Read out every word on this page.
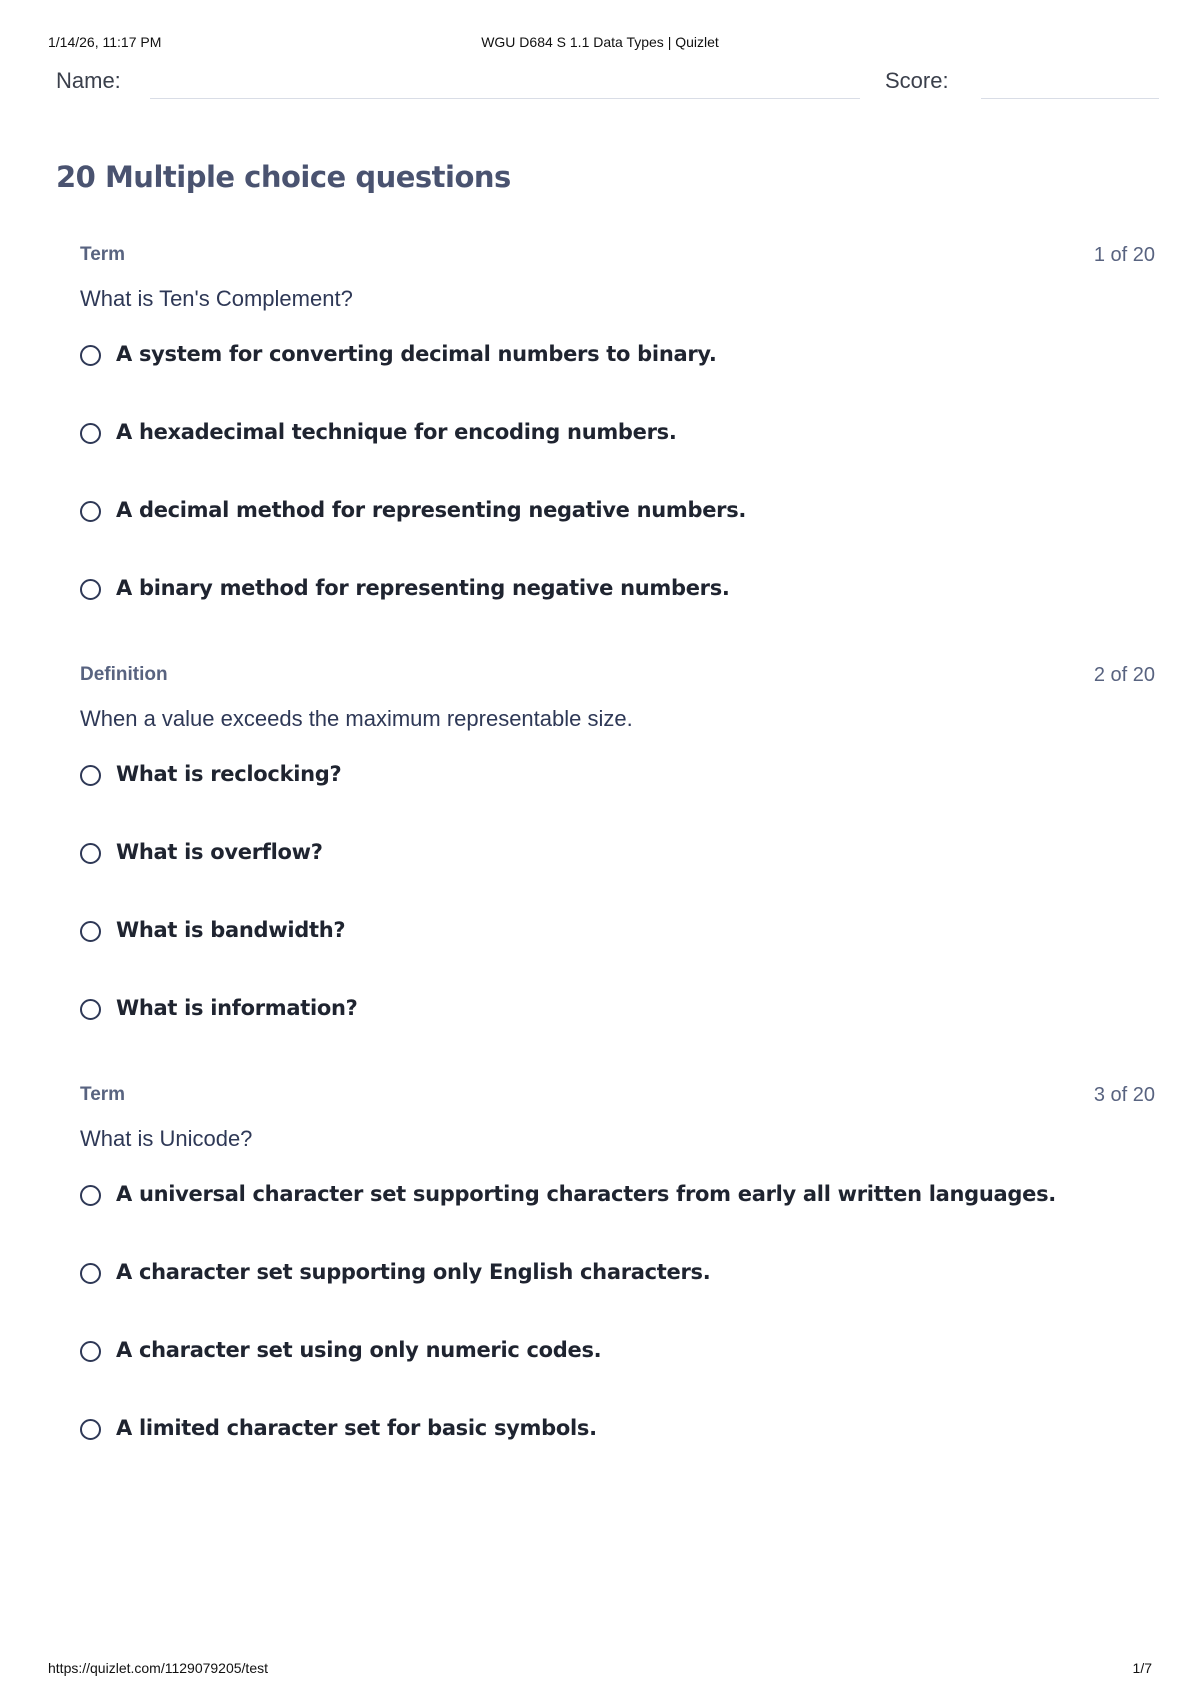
1/14/26, 11:17 PM	WGU D684 S 1.1 Data Types | Quizlet
Name:	Score:
20 Multiple choice questions
Term	1 of 20
What is Ten's Complement?
A system for converting decimal numbers to binary.
A hexadecimal technique for encoding numbers.
A decimal method for representing negative numbers.
A binary method for representing negative numbers.
Definition	2 of 20
When a value exceeds the maximum representable size.
What is reclocking?
What is overflow?
What is bandwidth?
What is information?
Term	3 of 20
What is Unicode?
A universal character set supporting characters from early all written languages.
A character set supporting only English characters.
A character set using only numeric codes.
A limited character set for basic symbols.
https://quizlet.com/1129079205/test	1/7
